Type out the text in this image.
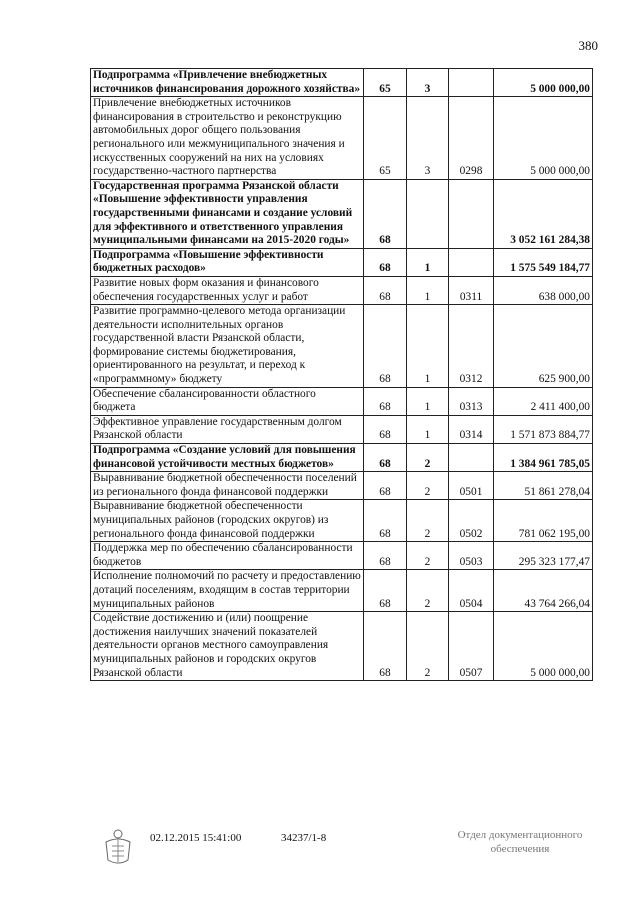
380
Подпрограмма «Привлечение внебюджетных источников финансирования дорожного хозяйства»	65	3		5 000 000,00
Привлечение внебюджетных источников финансирования в строительство и реконструкцию автомобильных дорог общего пользования региональногo или межмуниципального значения и искусственных сооружений на них на условиях государственно-частного партнерства	65	3	0298	5 000 000,00
Государственная программа Рязанской области «Повышение эффективности управления государственными финансами и создание условий для эффективного и ответственного управления муниципальными финансами на 2015-2020 годы»	68			3 052 161 284,38
Подпрограмма «Повышение эффективности бюджетных расходов»	68	1		1 575 549 184,77
Развитие новых форм оказания и финансового обеспечения государственных услуг и работ	68	1	0311	638 000,00
Развитие программно-целевого метода организации деятельности исполнительных органов государственной власти Рязанской области, формирование системы бюджетирования, ориентированного на результат, и переход к «программному» бюджету	68	1	0312	625 900,00
Обеспечение сбалансированности областного бюджета	68	1	0313	2 411 400,00
Эффективное управление государственным долгом Рязанской области	68	1	0314	1 571 873 884,77
Подпрограмма «Создание условий для повышения финансовой устойчивости местных бюджетов»	68	2		1 384 961 785,05
Выравнивание бюджетной обеспеченности поселений из регионального фонда финансовой поддержки	68	2	0501	51 861 278,04
Выравнивание бюджетной обеспеченности муниципальных районов (городских округов) из регионального фонда финансовой поддержки	68	2	0502	781 062 195,00
Поддержка мер по обеспечению сбалансированности бюджетов	68	2	0503	295 323 177,47
Исполнение полномочий по расчету и предоставлению дотаций поселениям, входящим в состав территории муниципальных районов	68	2	0504	43 764 266,04
Содействие достижению и (или) поощрение достижения наилучших значений показателей деятельности органов местного самоуправления муниципальных районов и городских округов Рязанской области	68	2	0507	5 000 000,00
02.12.2015 15:41:00	34237/1-8	Отдел документационного
обеспечения
